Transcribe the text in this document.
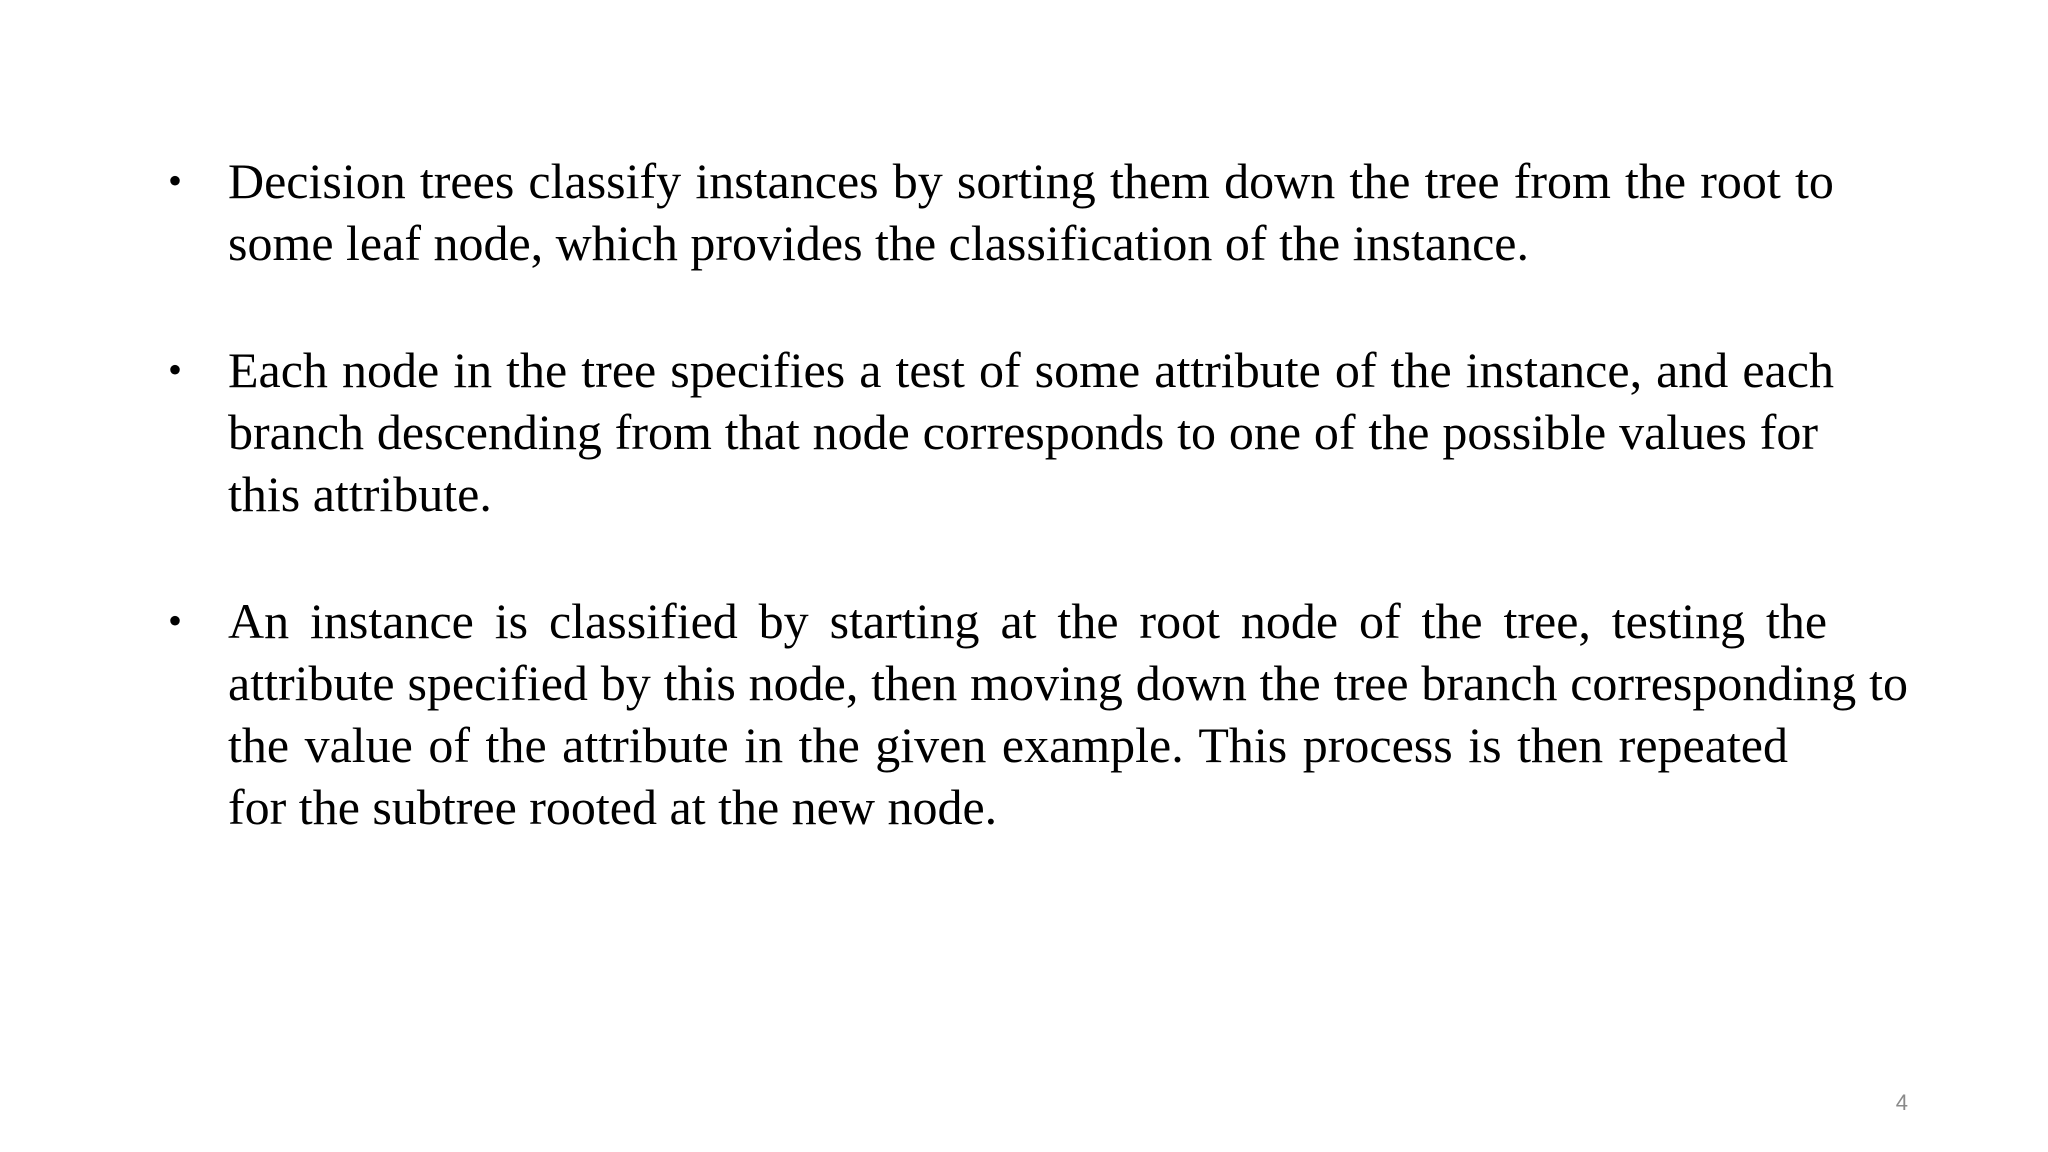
• Decision trees classify instances by sorting them down the tree from the root to some leaf node, which provides the classification of the instance.
• Each node in the tree specifies a test of some attribute of the instance, and each branch descending from that node corresponds to one of the possible values forthis attribute.
• An instance is classified by starting at the root node of the tree, testing the attribute specified by this node, then moving down the tree branch corresponding to the value of the attribute in the given example. This process is then repeatedfor the subtree rooted at the new node.
4
